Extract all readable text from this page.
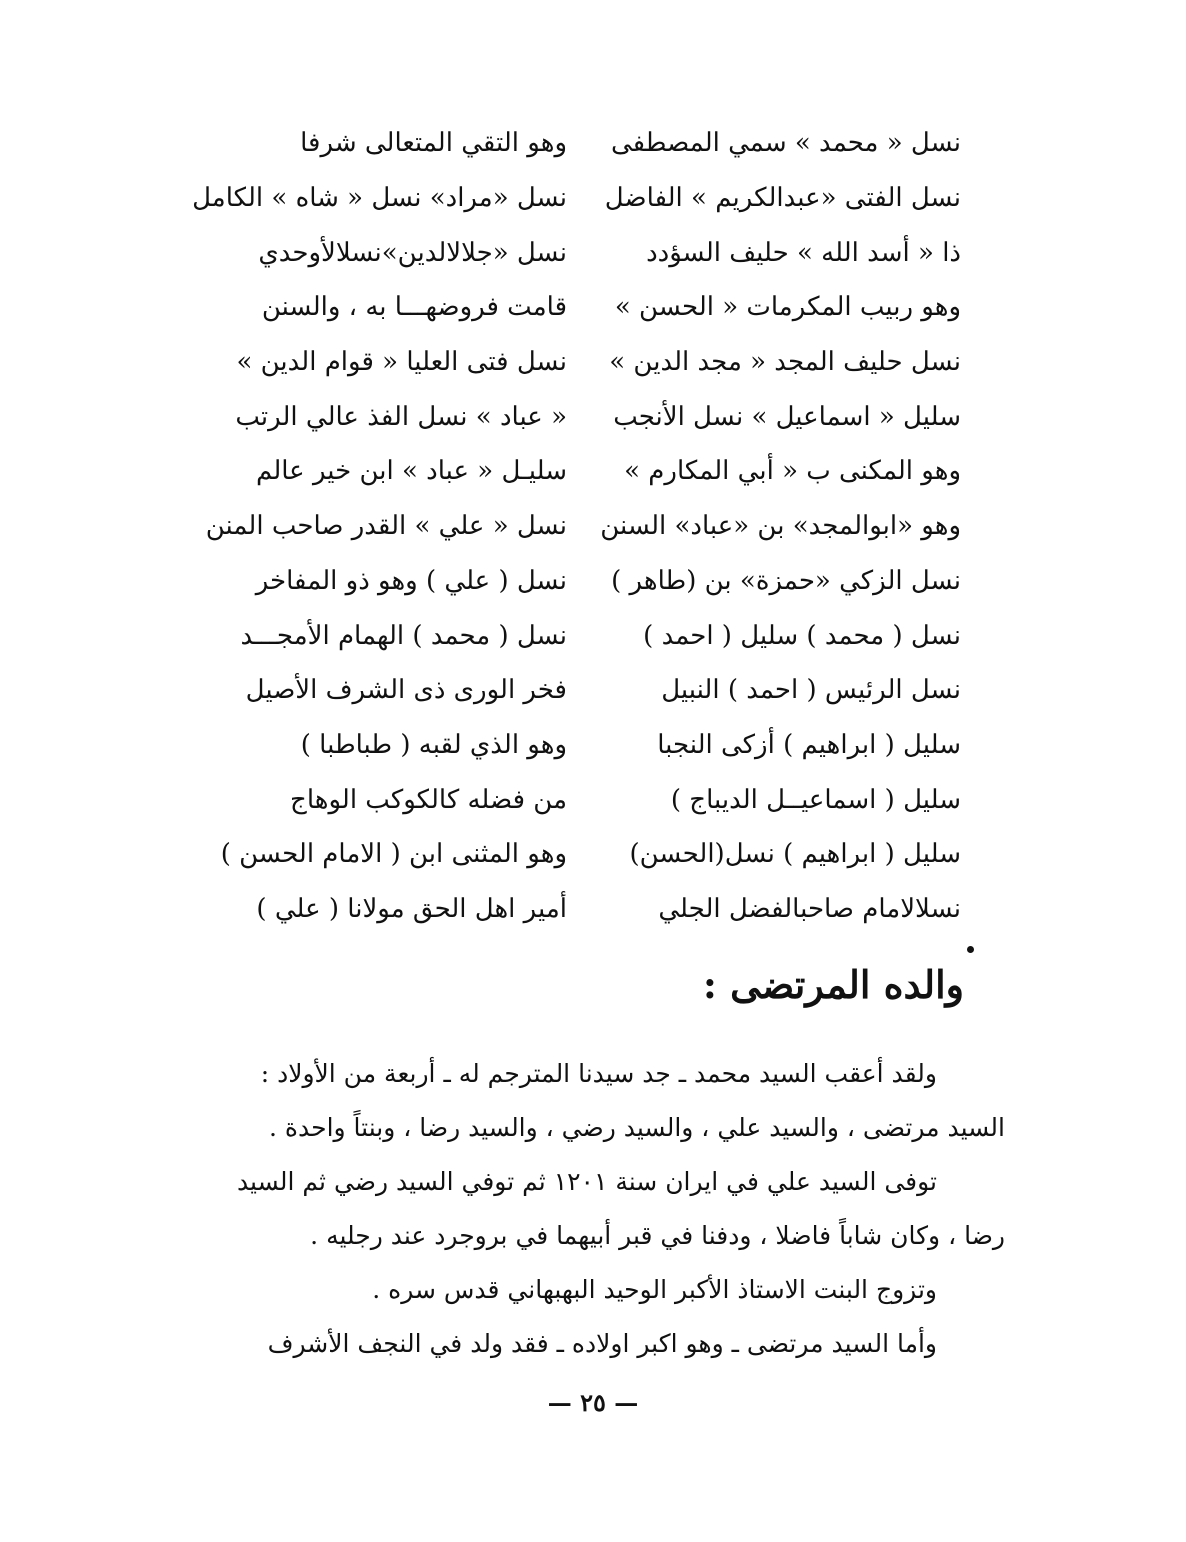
نسل « محمد » سمي المصطفى
وهو التقي المتعالى شرفا
نسل الفتى «عبدالكريم » الفاضل
نسل «مراد» نسل « شاه » الكامل
ذا « أسد الله » حليف السؤدد
نسل «جلالالدين»نسلالأوحدي
وهو ربيب المكرمات « الحسن »
قامت فروضهـــا به ، والسنن
نسل حليف المجد « مجد الدين »
نسل فتى العليا « قوام الدين »
سليل « اسماعيل » نسل الأنجب
« عباد » نسل الفذ عالي الرتب
وهو المكنى ب « أبي المكارم »
سليـل « عباد » ابن خير عالم
وهو «ابوالمجد» بن «عباد» السنن
نسل « علي » القدر صاحب المنن
نسل الزكي «حمزة» بن (طاهر )
نسل ( علي ) وهو ذو المفاخر
نسل ( محمد ) سليل ( احمد )
نسل ( محمد ) الهمام الأمجـــد
نسل الرئيس ( احمد ) النبيل
فخر الورى ذى الشرف الأصيل
سليل ( ابراهيم ) أزكى النجبا
وهو الذي لقبه ( طباطبا )
سليل ( اسماعيــل الديباج )
من فضله كالكوكب الوهاج
سليل ( ابراهيم ) نسل(الحسن)
وهو المثنى ابن ( الامام الحسن )
نسلالامام صاحبالفضل الجلي
أمير اهل الحق مولانا ( علي )
والده المرتضى :
ولقد أعقب السيد محمد ـ جد سيدنا المترجم له ـ أربعة من الأولاد :
السيد مرتضى ، والسيد علي ، والسيد رضي ، والسيد رضا ، وبنتاً واحدة .
توفى السيد علي في ايران سنة ١٢٠١ ثم توفي السيد رضي ثم السيد
رضا ، وكان شاباً فاضلا ، ودفنا في قبر أبيهما في بروجرد عند رجليه .
وتزوج البنت الاستاذ الأكبر الوحيد البهبهاني قدس سره .
وأما السيد مرتضى ـ وهو اكبر اولاده ـ فقد ولد في النجف الأشرف
— ٢٥ —
